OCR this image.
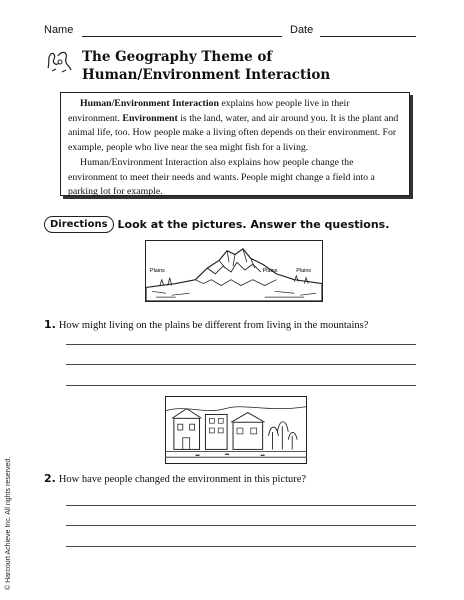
Name	Date
The Geography Theme of
Human/Environment Interaction

Human/Environment Interaction explains how people live in their environment. Environment is the land, water, and air around you. It is the plant and animal life, too. How people make a living often depends on their environment. For example, people who live near the sea might fish for a living.

Human/Environment Interaction also explains how people change the environment to meet their needs and wants. People might change a field into a parking lot for example.

Directions Look at the pictures. Answer the questions.
Plains	Plains	Plains
1. How might living on the plains be different from living in the mountains?
2. How have people changed the environment in this picture?
© Harcourt Achieve Inc. All rights reserved.
